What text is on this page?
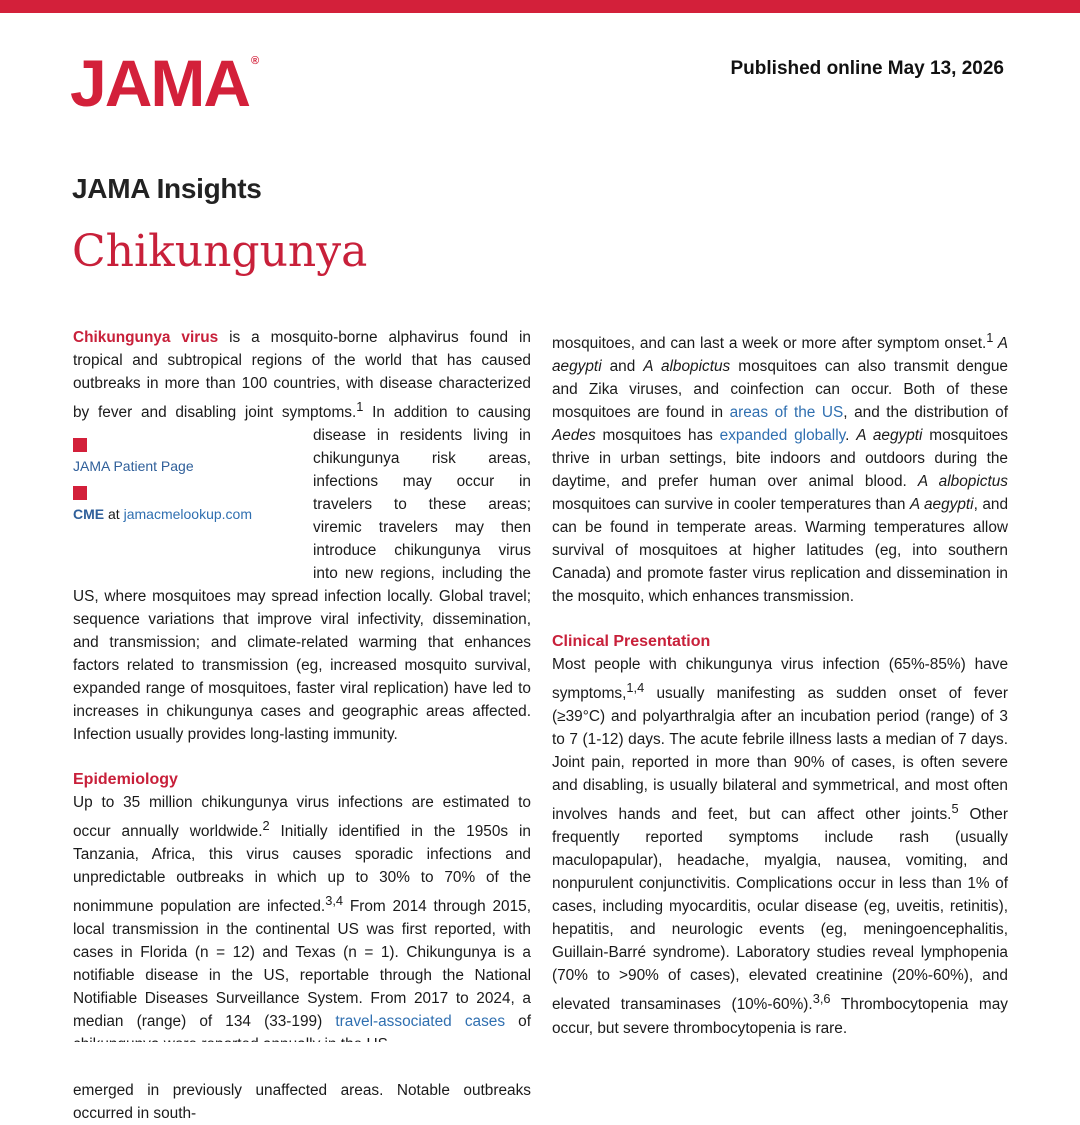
JAMA ®	Published online May 13, 2026
JAMA Insights
Chikungunya

mosquitoes, and can last a week or more after symptom onset.$^1$ A aegypti and A albopictus mosquitoes can also transmit dengue and Zika viruses, and coinfection can occur. Both of these mosquitoes are found in areas of the US, and the distribution of Aedes mosquitoes has expanded globally. A aegypti mosquitoes thrive in urban settings, bite indoors and outdoors during the daytime, and prefer human over animal blood. A albopictus mosquitoes can survive in cooler temperatures than A aegypti, and can be found in temperate areas. Warming temperatures allow survival of mosquitoes at higher latitudes (eg, into southern Canada) and promote faster virus replication and dissemination in the mosquito, which enhances transmission.

Clinical Presentation

Most people with chikungunya virus infection (65%-85%) have symptoms,$^{1,4}$ usually manifesting as sudden onset of fever (≥39°C) and polyarthralgia after an incubation period (range) of 3 to 7 (1-12) days. The acute febrile illness lasts a median of 7 days. Joint pain, reported in more than 90% of cases, is often severe and disabling, is usually bilateral and symmetrical, and most often involves hands and feet, but can affect other joints.$^5$ Other frequently reported symptoms include rash (usually maculopapular), headache, myalgia, nausea, vomiting, and nonpurulent conjunctivitis. Complications occur in less than 1% of cases, including myocarditis, ocular disease (eg, uveitis, retinitis), hepatitis, and neurologic events (eg, meningoencephalitis, Guillain-Barré syndrome). Laboratory studies reveal lymphopenia (70% to >90% of cases), elevated creatinine (20%-60%), and elevated transaminases (10%-60%).$^{3,6}$ Thrombocytopenia may occur, but severe thrombocytopenia is rare.

Chikungunya virus is a mosquito-borne alphavirus found in tropical and subtropical regions of the world that has caused outbreaks in more than 100 countries, with disease characterized by fever and disabling joint symptoms.$^1$
JAMA Patient Page
CME at jamacmelookup.com
In addition to causing disease in residents living in chikungunya risk areas, infections may occur in travelers to these areas; viremic travelers may then introduce chikungunya virus into new regions, including the US, where mosquitoes may spread infection locally. Global travel; sequence variations that improve viral infectivity, dissemination, and transmission; and climate-related warming that enhances factors related to transmission (eg, increased mosquito survival, expanded range of mosquitoes, faster viral replication) have led to increases in chikungunya cases and geographic areas affected. Infection usually provides long-lasting immunity.

Epidemiology

Up to 35 million chikungunya virus infections are estimated to occur annually worldwide.$^2$ Initially identified in the 1950s in Tanzania, Africa, this virus causes sporadic infections and unpredictable outbreaks in which up to 30% to 70% of the nonimmune population are infected.$^{3,4}$ From 2014 through 2015, local transmission in the continental US was first reported, with cases in Florida (n = 12) and Texas (n = 1). Chikungunya is a notifiable disease in the US, reportable through the National Notifiable Diseases Surveillance System. From 2017 to 2024, a median (range) of 134 (33-199) travel-associated cases of

emerged in previously unaffected areas. Notable outbreaks occurred in south-
